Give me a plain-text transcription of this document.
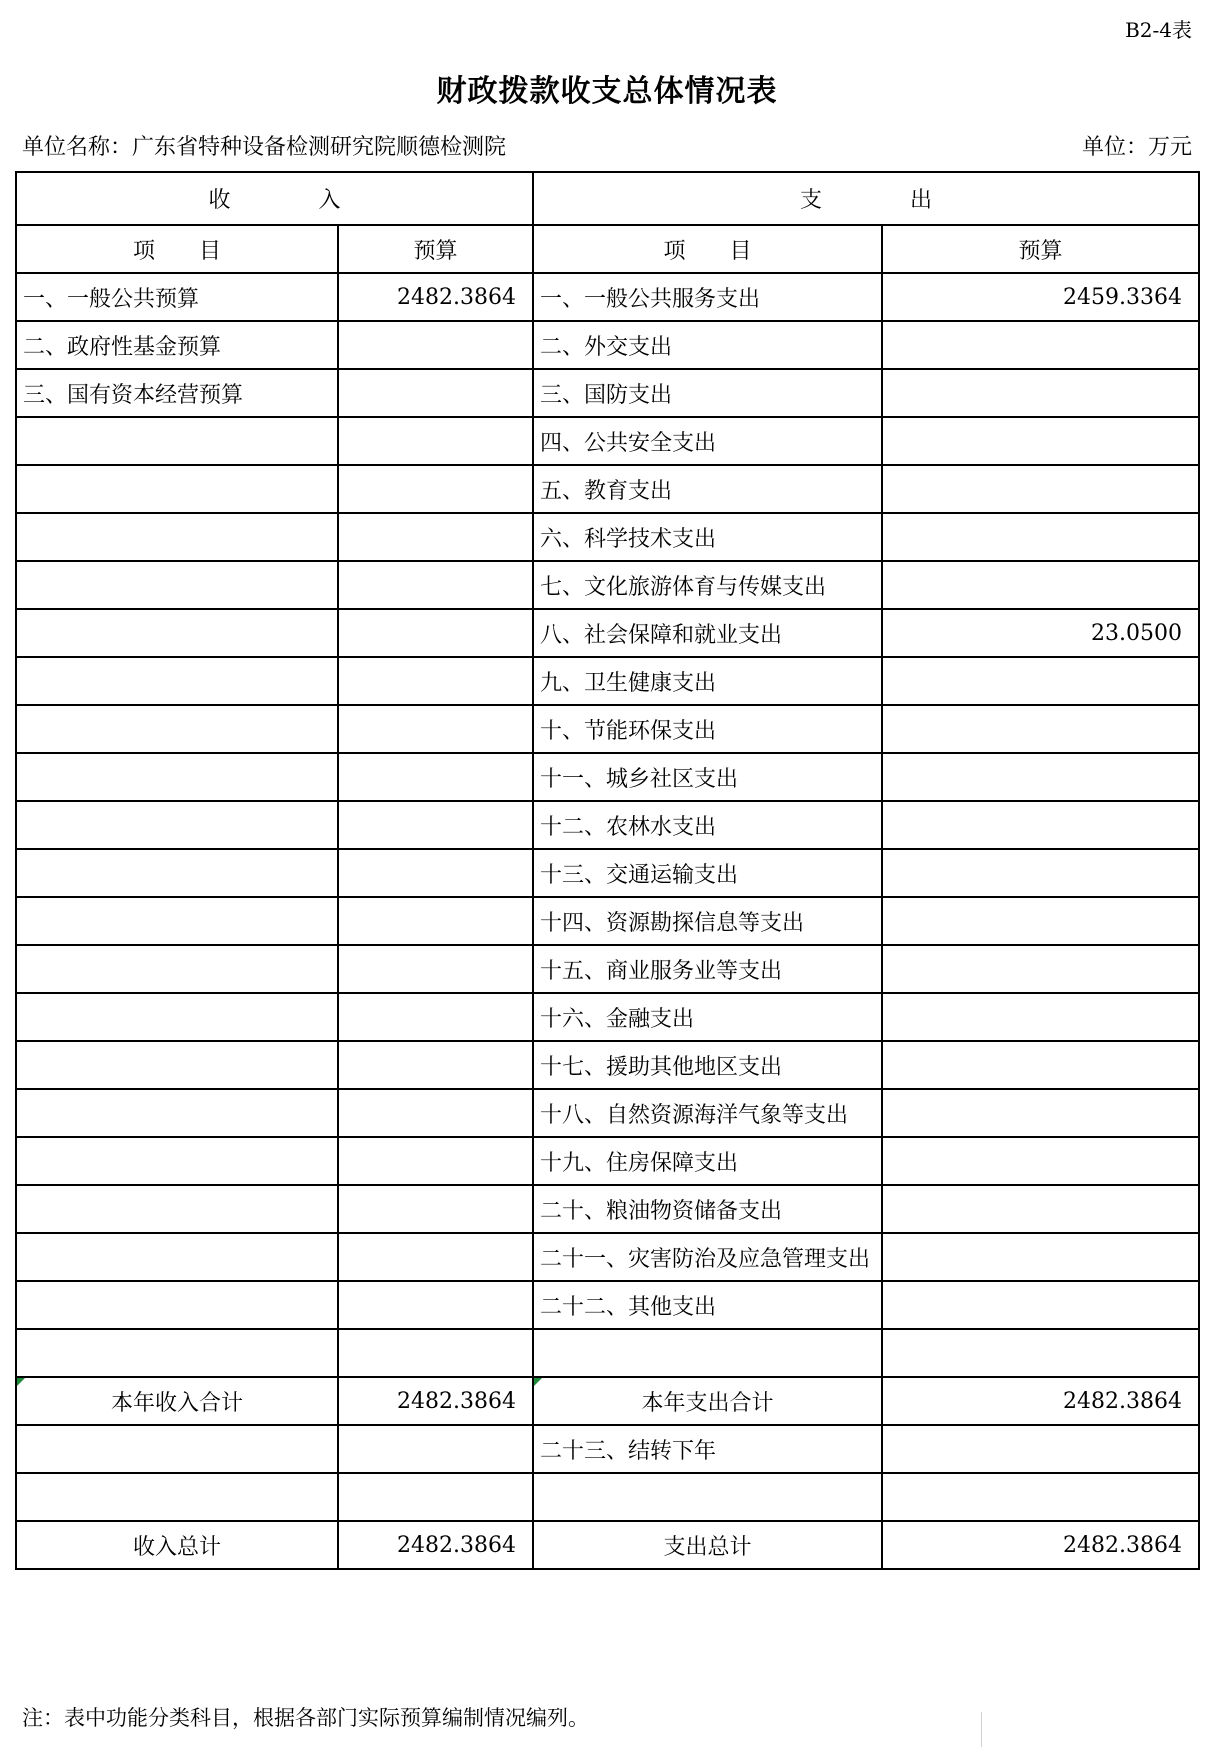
B2-4表
财政拨款收支总体情况表
单位名称：广东省特种设备检测研究院顺德检测院	单位：万元
收　　　　入		支　　　　出	
项　　目	预算	项　　目	预算
一、一般公共预算	2482.3864	一、一般公共服务支出	2459.3364
二、政府性基金预算		二、外交支出	
三、国有资本经营预算		三、国防支出	
		四、公共安全支出	
		五、教育支出	
		六、科学技术支出	
		七、文化旅游体育与传媒支出	
		八、社会保障和就业支出	23.0500
		九、卫生健康支出	
		十、节能环保支出	
		十一、城乡社区支出	
		十二、农林水支出	
		十三、交通运输支出	
		十四、资源勘探信息等支出	
		十五、商业服务业等支出	
		十六、金融支出	
		十七、援助其他地区支出	
		十八、自然资源海洋气象等支出	
		十九、住房保障支出	
		二十、粮油物资储备支出	
		二十一、灾害防治及应急管理支出	
		二十二、其他支出	

本年收入合计	2482.3864	本年支出合计	2482.3864
		二十三、结转下年	

收入总计	2482.3864	支出总计	2482.3864
注：表中功能分类科目，根据各部门实际预算编制情况编列。
